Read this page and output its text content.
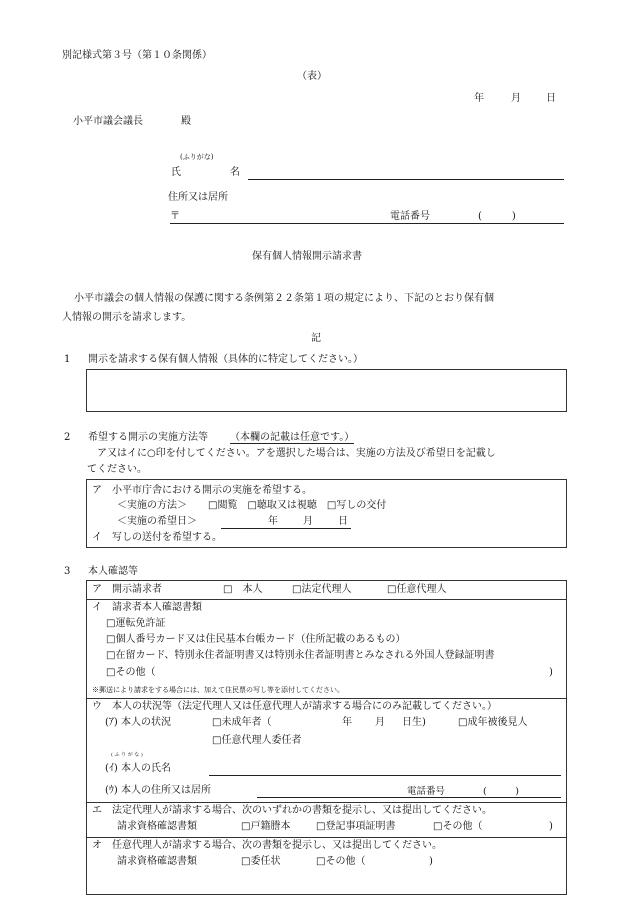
別記様式第３号（第１０条関係）
（表）
年	月	日
小平市議会議長	殿
(ふりがな)
氏	名
住所又は居所
〒	電話番号	(　　　)
保有個人情報開示請求書
小平市議会の個人情報の保護に関する条例第２２条第１項の規定により、下記のとおり保有個
人情報の開示を請求します。
記
1 開示を請求する保有個人情報（具体的に特定してください。）
2 希望する開示の実施方法等 （本欄の記載は任意です。）
ア又はイに○印を付してください。アを選択した場合は、実施の方法及び希望日を記載し
てください。
ア　小平市庁舎における開示の実施を希望する。
＜実施の方法＞ □閲覧　□聴取又は視聴　□写しの交付
＜実施の希望日＞	年	月	日
イ　写しの送付を希望する。
3 本人確認等
ア　開示請求者	□　本人	□法定代理人	□任意代理人
イ　請求者本人確認書類
□運転免許証
□個人番号カード又は住民基本台帳カード（住所記載のあるもの）
□在留カード、特別永住者証明書又は特別永住者証明書とみなされる外国人登録証明書
□その他（	)
※郵送により請求をする場合には、加えて住民票の写し等を添付してください。
ウ　本人の状況等（法定代理人又は任意代理人が請求する場合にのみ記載してください。）
(ｱ) 本人の状況	□未成年者（	年 月 日生)	□成年被後見人
□任意代理人委任者
( ふ り が な )
(ｲ) 本人の氏名
(ｳ) 本人の住所又は居所	電話番号	(　　　)
エ　法定代理人が請求する場合、次のいずれかの書類を提示し、又は提出してください。
請求資格確認書類	□戸籍謄本	□登記事項証明書	□その他（	)
オ　任意代理人が請求する場合、次の書類を提示し、又は提出してください。
請求資格確認書類	□委任状	□その他（	)
